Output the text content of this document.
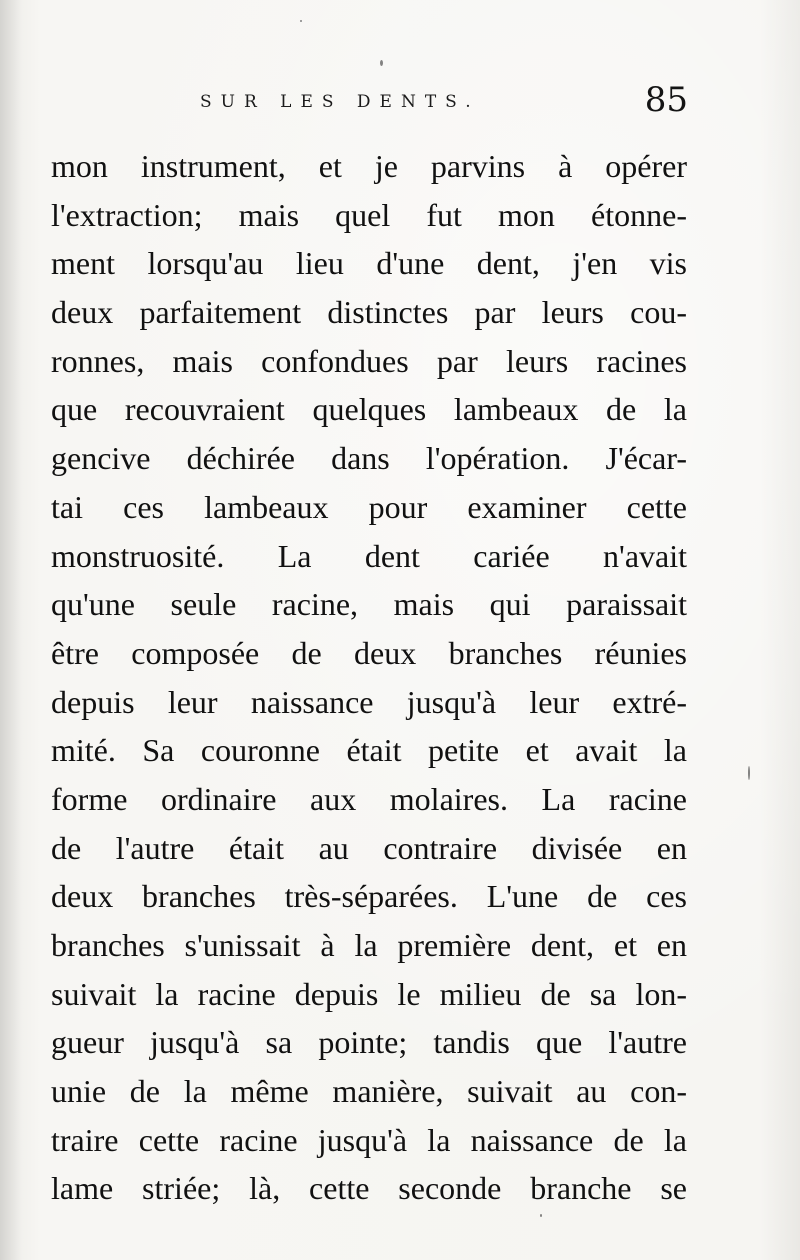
SUR LES DENTS.	85
mon instrument, et je parvins à opérer
l'extraction; mais quel fut mon étonne-
ment lorsqu'au lieu d'une dent, j'en vis
deux parfaitement distinctes par leurs cou-
ronnes, mais confondues par leurs racines
que recouvraient quelques lambeaux de la
gencive déchirée dans l'opération. J'écar-
tai ces lambeaux pour examiner cette
monstruosité. La dent cariée n'avait
qu'une seule racine, mais qui paraissait
être composée de deux branches réunies
depuis leur naissance jusqu'à leur extré-
mité. Sa couronne était petite et avait la
forme ordinaire aux molaires. La racine
de l'autre était au contraire divisée en
deux branches très-séparées. L'une de ces
branches s'unissait à la première dent, et en
suivait la racine depuis le milieu de sa lon-
gueur jusqu'à sa pointe; tandis que l'autre
unie de la même manière, suivait au con-
traire cette racine jusqu'à la naissance de la
lame striée; là, cette seconde branche se
